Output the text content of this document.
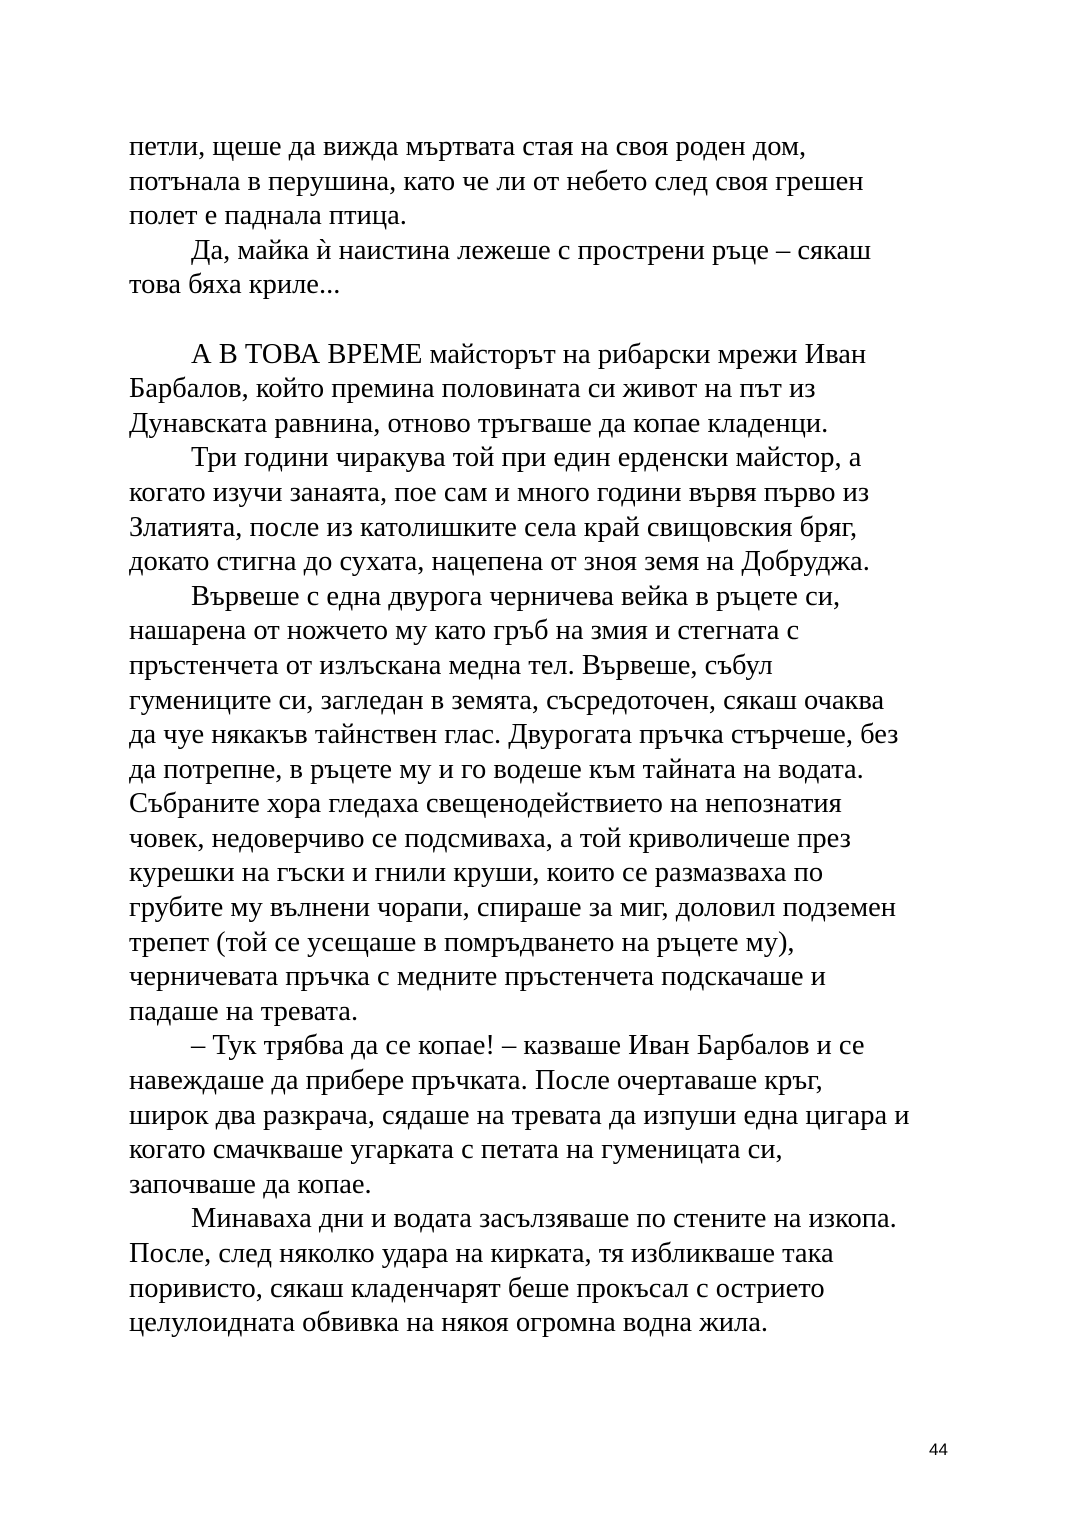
петли, щеше да вижда мъртвата стая на своя роден дом,
потънала в перушина, като че ли от небето след своя грешен
полет е паднала птица.
Да, майка ѝ наистина лежеше с прострени ръце – сякаш
това бяха криле...
А В ТОВА ВРЕМЕ майсторът на рибарски мрежи Иван
Барбалов, който премина половината си живот на път из
Дунавската равнина, отново тръгваше да копае кладенци.
Три години чиракува той при един ерденски майстор, а
когато изучи занаята, пое сам и много години вървя първо из
Златията, после из католишките села край свищовския бряг,
докато стигна до сухата, нацепена от зноя земя на Добруджа.
Вървеше с една двурога черничева вейка в ръцете си,
нашарена от ножчето му като гръб на змия и стегната с
пръстенчета от излъскана медна тел. Вървеше, събул
гумениците си, загледан в земята, съсредоточен, сякаш очаква
да чуе някакъв тайнствен глас. Двурогата пръчка стърчеше, без
да потрепне, в ръцете му и го водеше към тайната на водата.
Събраните хора гледаха свещенодействието на непознатия
човек, недоверчиво се подсмиваха, а той криволичеше през
курешки на гъски и гнили круши, които се размазваха по
грубите му вълнени чорапи, спираше за миг, доловил подземен
трепет (той се усещаше в помръдването на ръцете му),
черничевата пръчка с медните пръстенчета подскачаше и
падаше на тревата.
– Тук трябва да се копае! – казваше Иван Барбалов и се
навеждаше да прибере пръчката. После очертаваше кръг,
широк два разкрача, сядаше на тревата да изпуши една цигара и
когато смачкваше угарката с петата на гуменицата си,
започваше да копае.
Минаваха дни и водата засълзяваше по стените на изкопа.
После, след няколко удара на кирката, тя избликваше така
поривисто, сякаш кладенчарят беше прокъсал с острието
целулоидната обвивка на някоя огромна водна жила.
44
